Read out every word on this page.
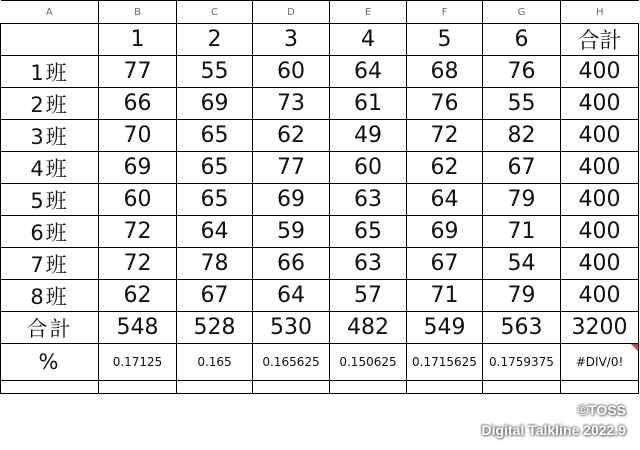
A	B	C	D	E	F	G	H
	1	2	3	4	5	6	合計
1班	77	55	60	64	68	76	400
2班	66	69	73	61	76	55	400
3班	70	65	62	49	72	82	400
4班	69	65	77	60	62	67	400
5班	60	65	69	63	64	79	400
6班	72	64	59	65	69	71	400
7班	72	78	66	63	67	54	400
8班	62	67	64	57	71	79	400
合計	548	528	530	482	549	563	3200
%	0.17125	0.165	0.165625	0.150625	0.1715625	0.1759375	#DIV/0!

©TOSS
Digital Talkline 2022.9
